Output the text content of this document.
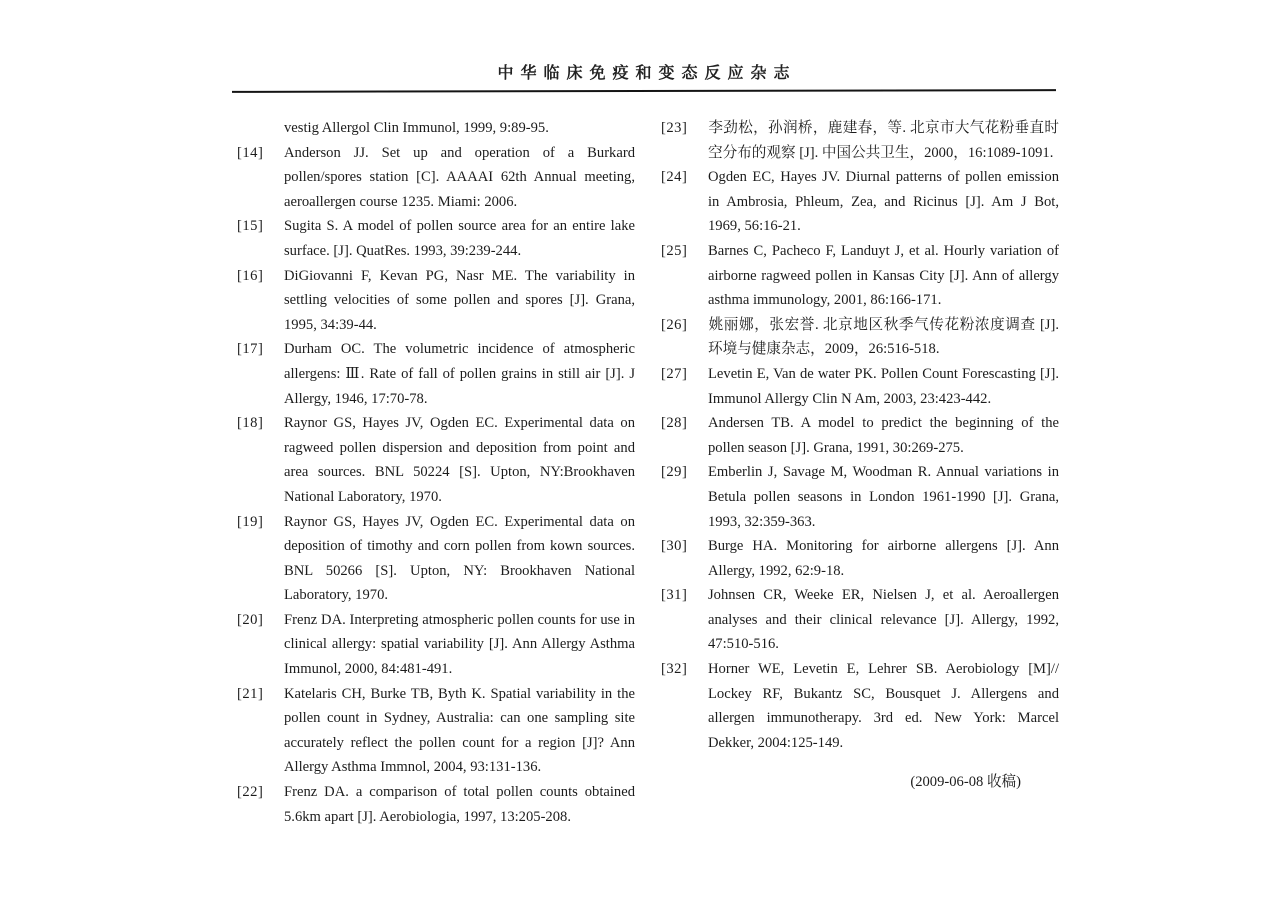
中华临床免疫和变态反应杂志

vestig Allergol Clin Immunol, 1999, 9:89-95.

[14] Anderson JJ. Set up and operation of a Burkard pollen/spores station [C]. AAAAI 62th Annual meeting, aeroallergen course 1235. Miami: 2006.

[15] Sugita S. A model of pollen source area for an entire lake surface. [J]. QuatRes. 1993, 39:239-244.

[16] DiGiovanni F, Kevan PG, Nasr ME. The variability in settling velocities of some pollen and spores [J]. Grana, 1995, 34:39-44.

[17] Durham OC. The volumetric incidence of atmospheric allergens: Ⅲ. Rate of fall of pollen grains in still air [J]. J Allergy, 1946, 17:70-78.

[18] Raynor GS, Hayes JV, Ogden EC. Experimental data on ragweed pollen dispersion and deposition from point and area sources. BNL 50224 [S]. Upton, NY:Brookhaven National Laboratory, 1970.

[19] Raynor GS, Hayes JV, Ogden EC. Experimental data on deposition of timothy and corn pollen from kown sources. BNL 50266 [S]. Upton, NY: Brookhaven National Laboratory, 1970.

[20] Frenz DA. Interpreting atmospheric pollen counts for use in clinical allergy: spatial variability [J]. Ann Allergy Asthma Immunol, 2000, 84:481-491.

[21] Katelaris CH, Burke TB, Byth K. Spatial variability in the pollen count in Sydney, Australia: can one sampling site accurately reflect the pollen count for a region [J]? Ann Allergy Asthma Immnol, 2004, 93:131-136.

[22] Frenz DA. a comparison of total pollen counts obtained 5.6km apart [J]. Aerobiologia, 1997, 13:205-208.

[23] 李劲松，孙润桥，鹿建春，等. 北京市大气花粉垂直时空分布的观察 [J]. 中国公共卫生，2000，16:1089-1091.

[24] Ogden EC, Hayes JV. Diurnal patterns of pollen emission in Ambrosia, Phleum, Zea, and Ricinus [J]. Am J Bot, 1969, 56:16-21.

[25] Barnes C, Pacheco F, Landuyt J, et al. Hourly variation of airborne ragweed pollen in Kansas City [J]. Ann of allergy asthma immunology, 2001, 86:166-171.

[26] 姚丽娜，张宏誉. 北京地区秋季气传花粉浓度调查 [J]. 环境与健康杂志，2009，26:516-518.

[27] Levetin E, Van de water PK. Pollen Count Forescasting [J]. Immunol Allergy Clin N Am, 2003, 23:423-442.

[28] Andersen TB. A model to predict the beginning of the pollen season [J]. Grana, 1991, 30:269-275.

[29] Emberlin J, Savage M, Woodman R. Annual variations in Betula pollen seasons in London 1961-1990 [J]. Grana, 1993, 32:359-363.

[30] Burge HA. Monitoring for airborne allergens [J]. Ann Allergy, 1992, 62:9-18.

[31] Johnsen CR, Weeke ER, Nielsen J, et al. Aeroallergen analyses and their clinical relevance [J]. Allergy, 1992, 47:510-516.

[32] Horner WE, Levetin E, Lehrer SB. Aerobiology [M]// Lockey RF, Bukantz SC, Bousquet J. Allergens and allergen immunotherapy. 3rd ed. New York: Marcel Dekker, 2004:125-149.

(2009-06-08 收稿)
